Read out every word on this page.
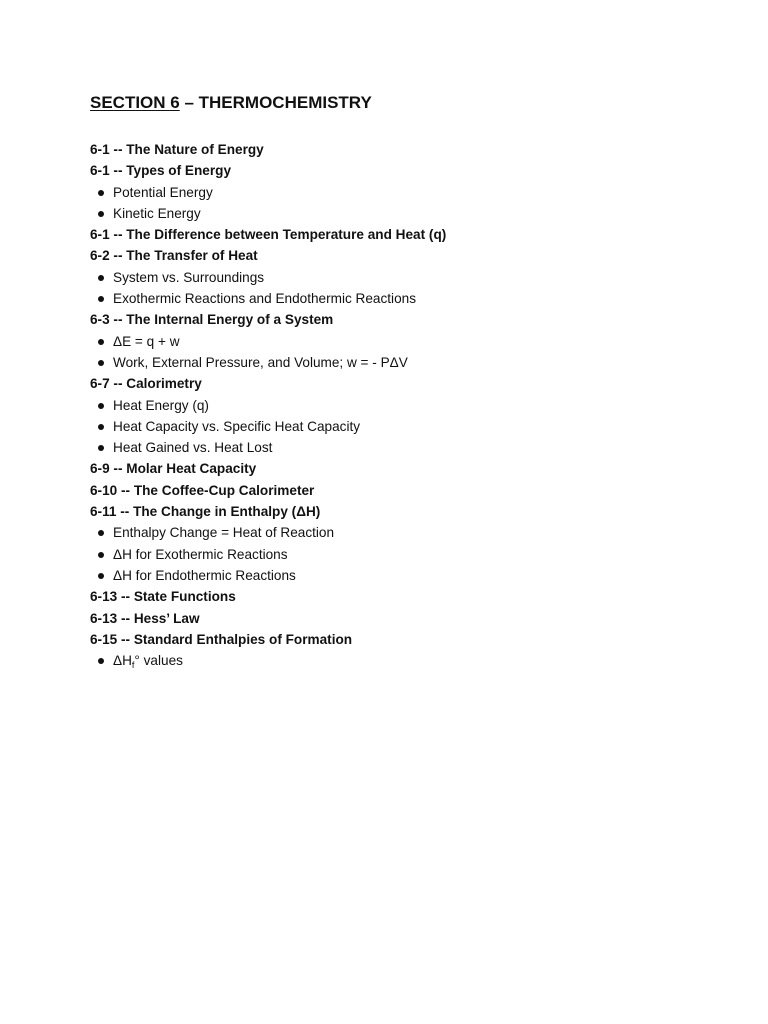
SECTION 6 – THERMOCHEMISTRY
6-1 -- The Nature of Energy
6-1 -- Types of Energy
Potential Energy
Kinetic Energy
6-1 -- The Difference between Temperature and Heat (q)
6-2 -- The Transfer of Heat
System vs. Surroundings
Exothermic Reactions and Endothermic Reactions
6-3 -- The Internal Energy of a System
ΔE = q + w
Work, External Pressure, and Volume; w = - PΔV
6-7 -- Calorimetry
Heat Energy (q)
Heat Capacity vs. Specific Heat Capacity
Heat Gained vs. Heat Lost
6-9 -- Molar Heat Capacity
6-10 -- The Coffee-Cup Calorimeter
6-11 -- The Change in Enthalpy (ΔH)
Enthalpy Change = Heat of Reaction
ΔH for Exothermic Reactions
ΔH for Endothermic Reactions
6-13 -- State Functions
6-13 -- Hess’ Law
6-15 -- Standard Enthalpies of Formation
$\Delta H_f^\circ$ values
